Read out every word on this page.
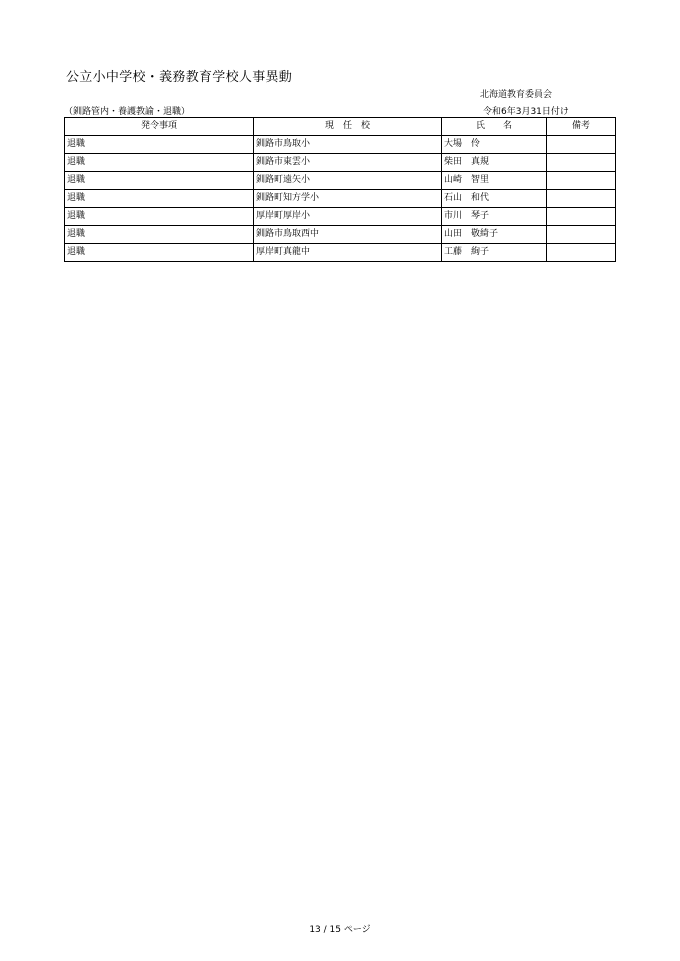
公立小中学校・義務教育学校人事異動
北海道教育委員会
（釧路管内・養護教諭・退職）	令和6年3月31日付け
発令事項	現　任　校	氏　　名	備考
退職	釧路市鳥取小	大場　伶	
退職	釧路市東雲小	柴田　真規	
退職	釧路町遠矢小	山崎　智里	
退職	釧路町知方学小	石山　和代	
退職	厚岸町厚岸小	市川　琴子	
退職	釧路市鳥取西中	山田　敬綺子	
退職	厚岸町真龍中	工藤　絢子	
13 / 15 ページ
